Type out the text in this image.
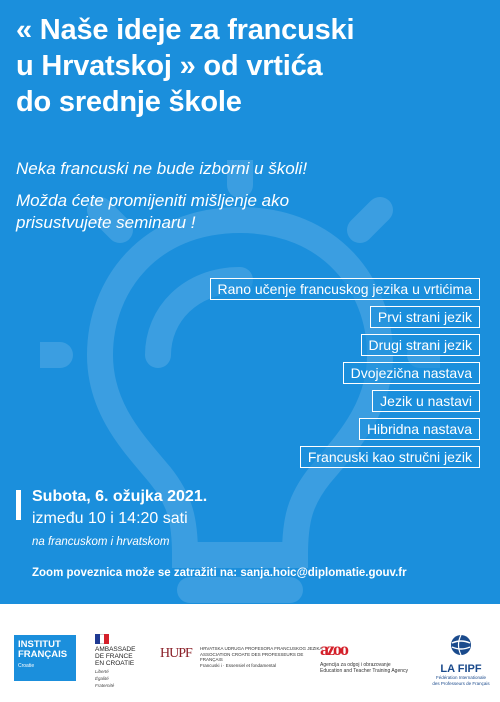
« Naše ideje za francuski
u Hrvatskoj » od vrtića
do srednje škole

Neka francuski ne bude izborni u školi!

Možda ćete promijeniti mišljenje ako
prisustvujete seminaru !

Rano učenje francuskog jezika u vrtićima
Prvi strani jezik
Drugi strani jezik
Dvojezična nastava
Jezik u nastavi
Hibridna nastava
Francuski kao stručni jezik
Subota, 6. ožujka 2021.
između 10 i 14:20 sati
na francuskom i hrvatskom
Zoom poveznica može se zatražiti na: sanja.hoic@diplomatie.gouv.fr
INSTITUT
FRANÇAIS
Croatie
AMBASSADE
DE FRANCE
EN CROATIE
Liberté
Égalité
Fraternité
HUPF HRVATSKA UDRUGA PROFESORA FRANCUSKOG JEZIKA
ASSOCIATION CROATE DES PROFESSEURS DE FRANÇAIS
Francuski i · Essensiel et fondamental
azoo
Agencija za odgoj i obrazovanje
Education and Teacher Training Agency	LA FIPF
Fédération Internationale
des Professeurs de Français
